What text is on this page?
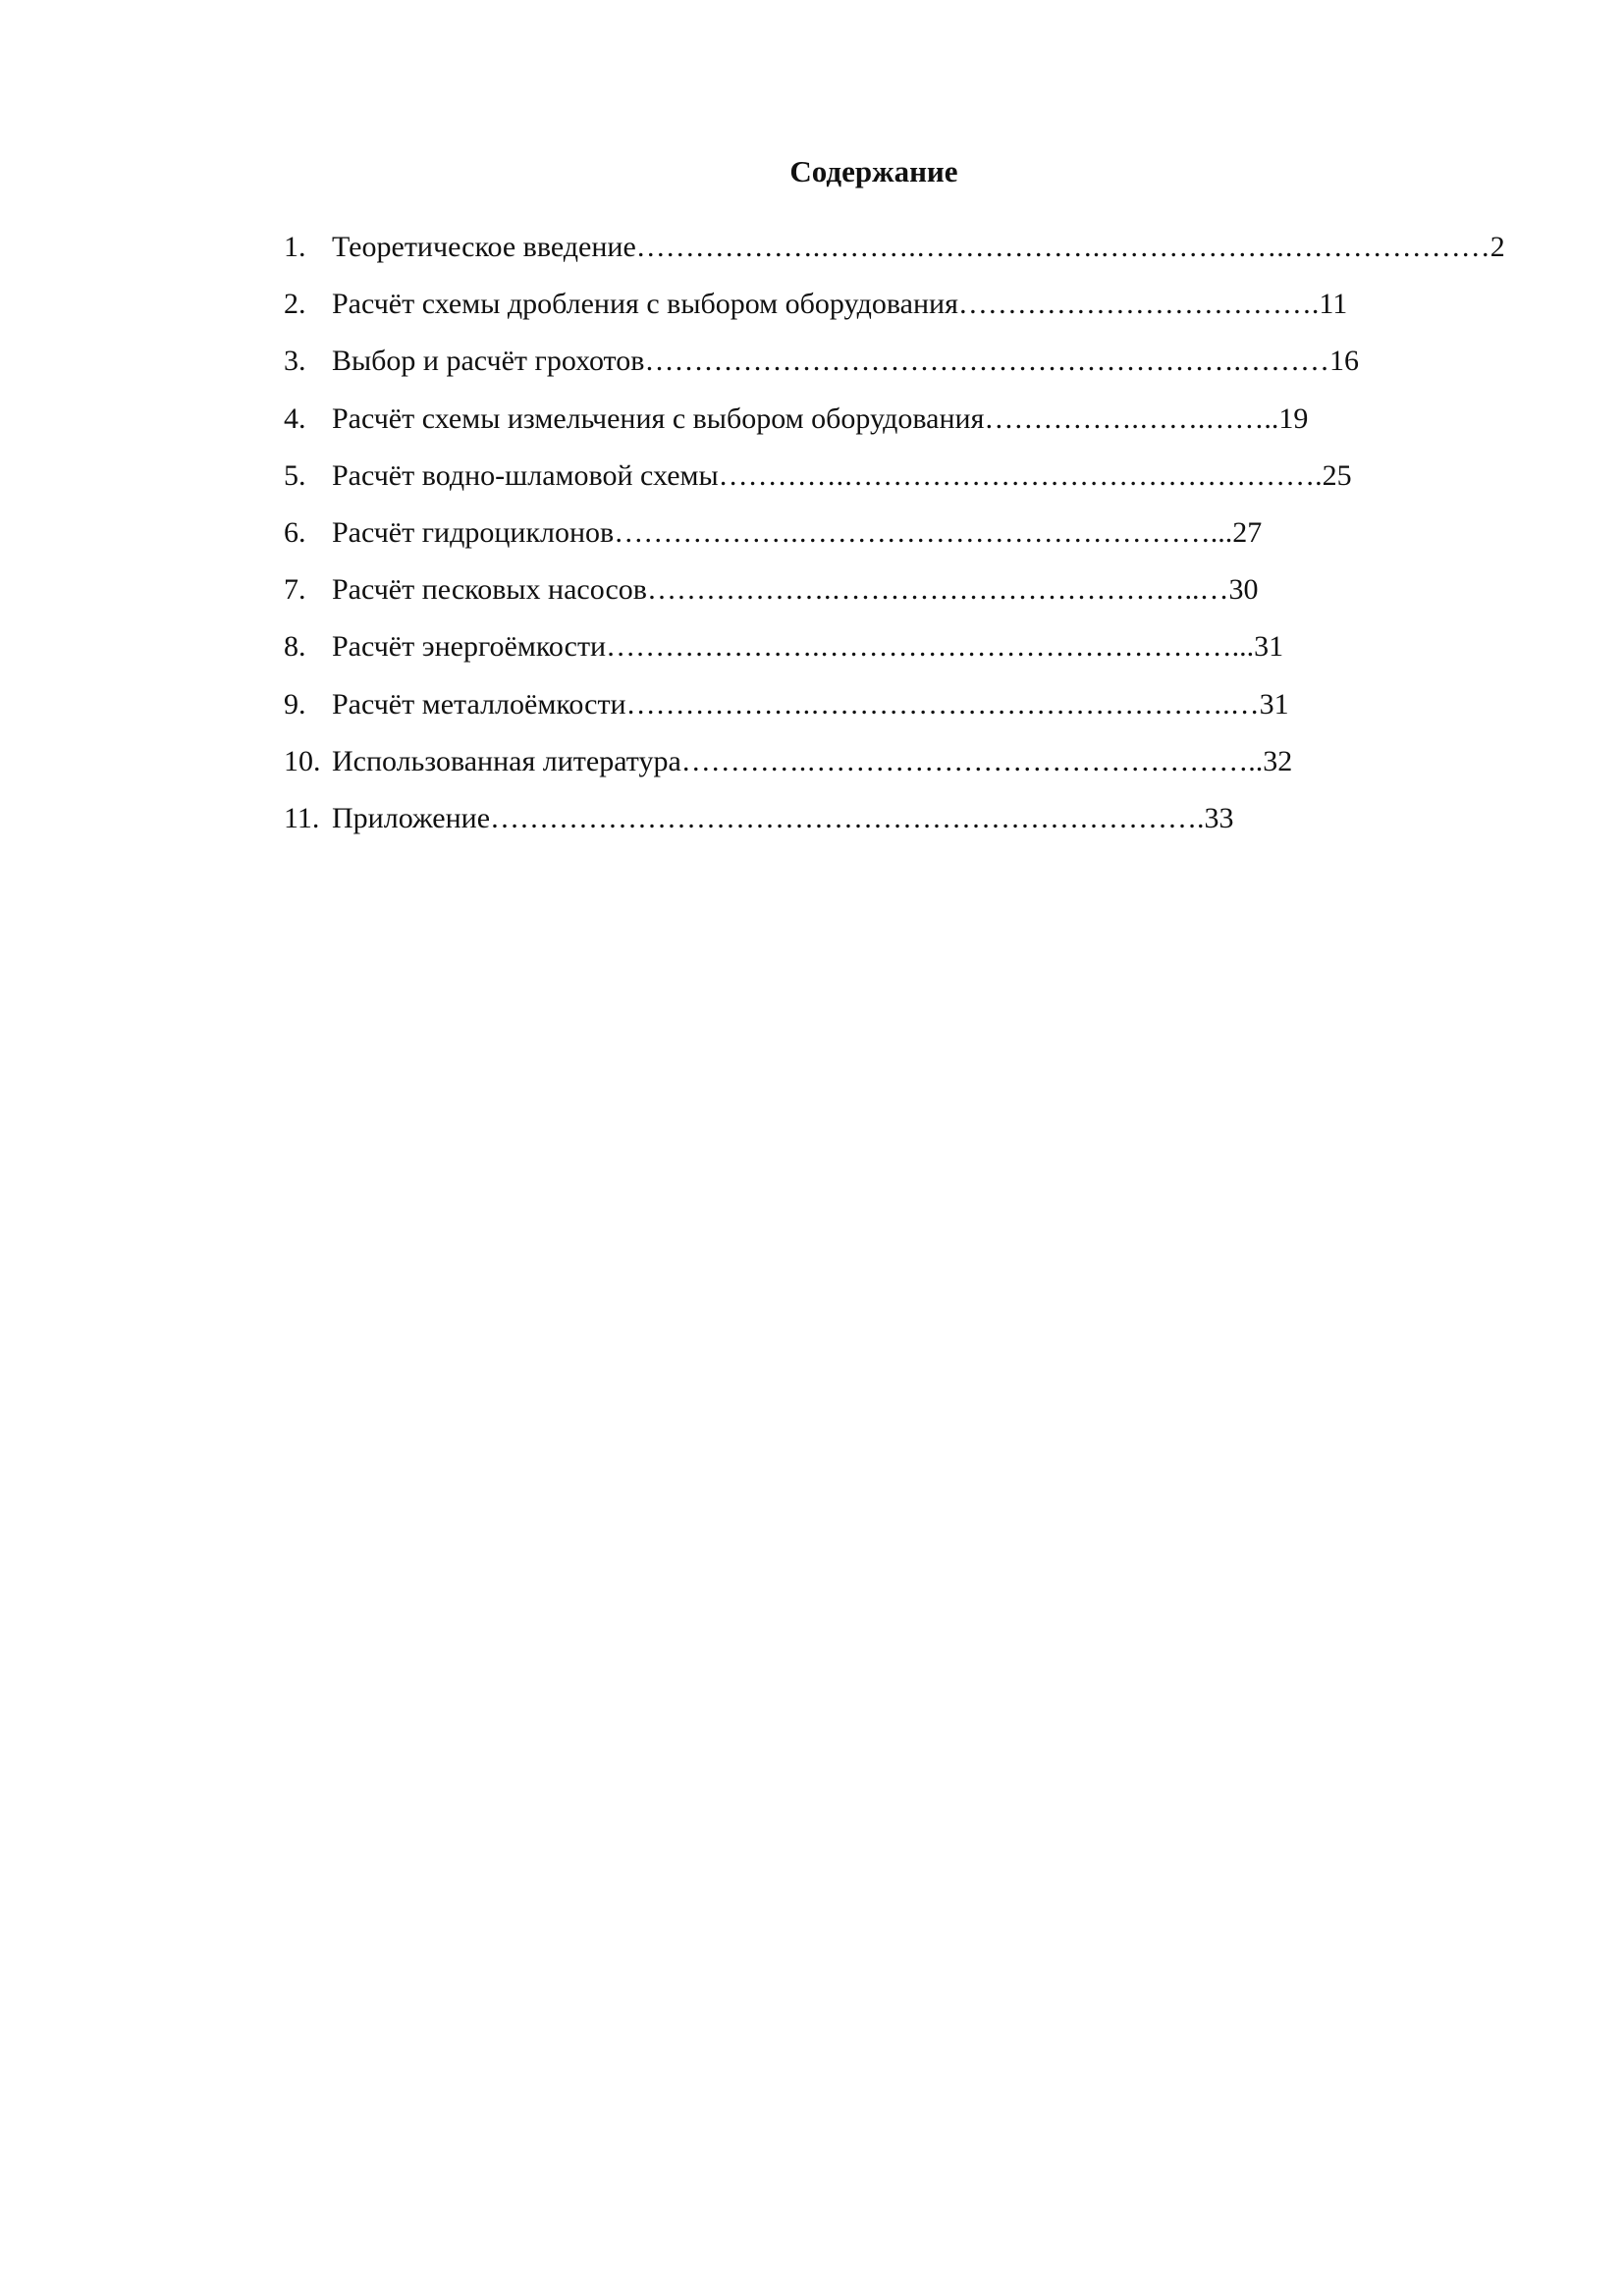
Содержание
1. Теоретическое введение ……………….……….……………….……………….………………… 2
2. Расчёт схемы дробления с выбором оборудования ………………………………. 11
3. Выбор и расчёт грохотов …………………………………………………….……… 16
4. Расчёт схемы измельчения с выбором оборудования …………….…….…….. 19
5. Расчёт водно-шламовой схемы ………….…………………………………………. 25
6. Расчёт гидроциклонов ……………….……………………………………... 27
7. Расчёт песковых насосов ……………….………………………………..… 30
8. Расчёт энергоёмкости ………………….……………………………………... 31
9. Расчёт металлоёмкости ……………….…………………………………….… 31
10. Использованная литература ………….……………………………………….. 32
11. Приложение ………………………………………………………………. 33
